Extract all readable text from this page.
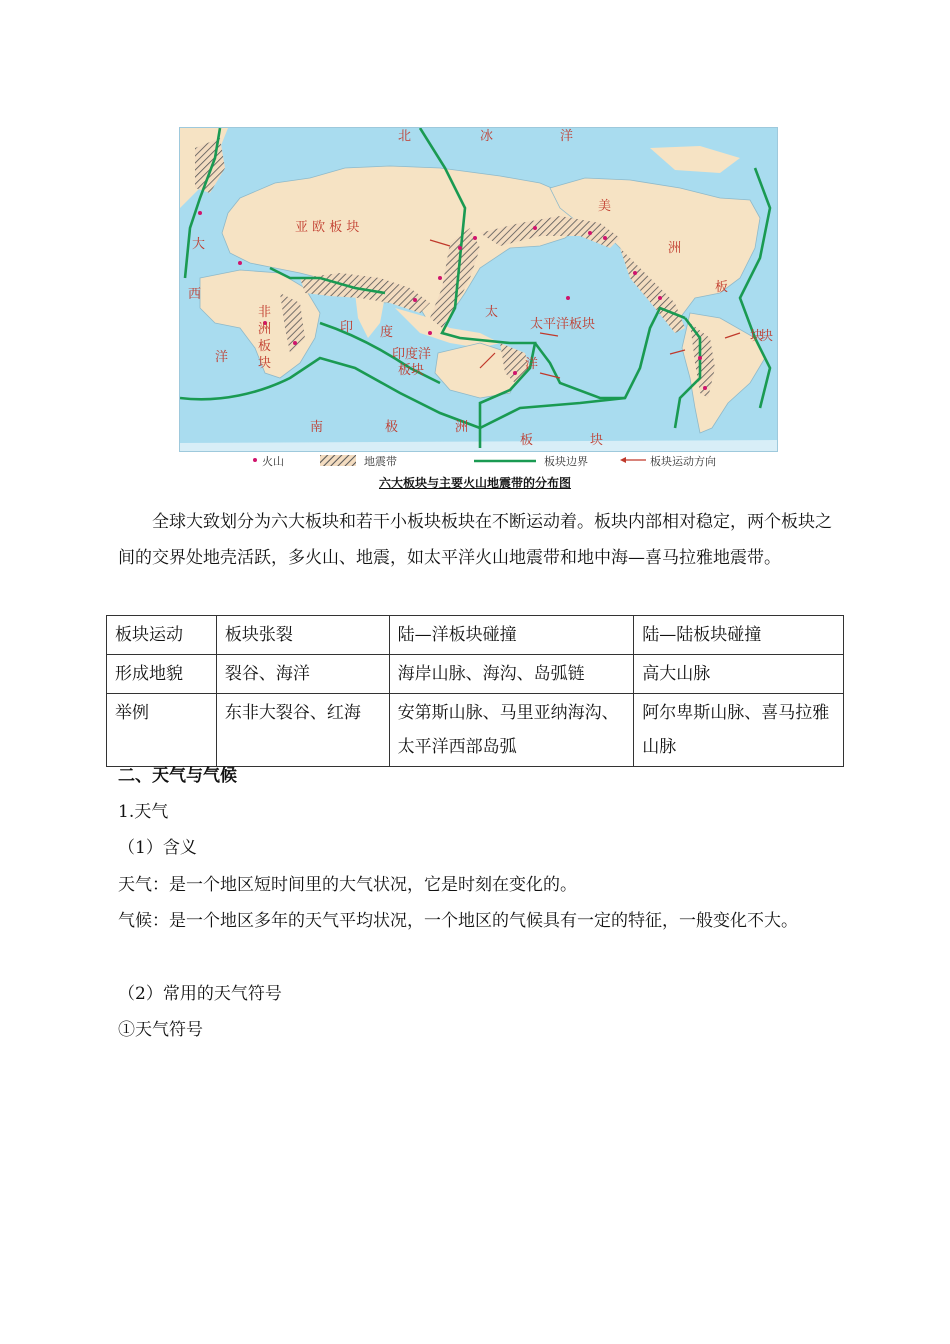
北	冰	洋
亚 欧 板 块
美
洲
板
块
大
西
洋
非
洲
板
块
印 度
印度洋
板块
太
太平洋板块
洋
南	极	洲
板	块
块
火山	地震带	板块边界	板块运动方向
六大板块与主要火山地震带的分布图

全球大致划分为六大板块和若干小板块板块在不断运动着。板块内部相对稳定，两个板块之间的交界处地壳活跃，多火山、地震，如太平洋火山地震带和地中海—喜马拉雅地震带。

板块运动	板块张裂	陆—洋板块碰撞	陆—陆板块碰撞
形成地貌	裂谷、海洋	海岸山脉、海沟、岛弧链	高大山脉
举例	东非大裂谷、红海	安第斯山脉、马里亚纳海沟、太平洋西部岛弧	阿尔卑斯山脉、喜马拉雅山脉
二、天气与气候
1.天气
（1）含义
天气：是一个地区短时间里的大气状况，它是时刻在变化的。

气候：是一个地区多年的天气平均状况，一个地区的气候具有一定的特征，一般变化不大。

（2）常用的天气符号
①天气符号
